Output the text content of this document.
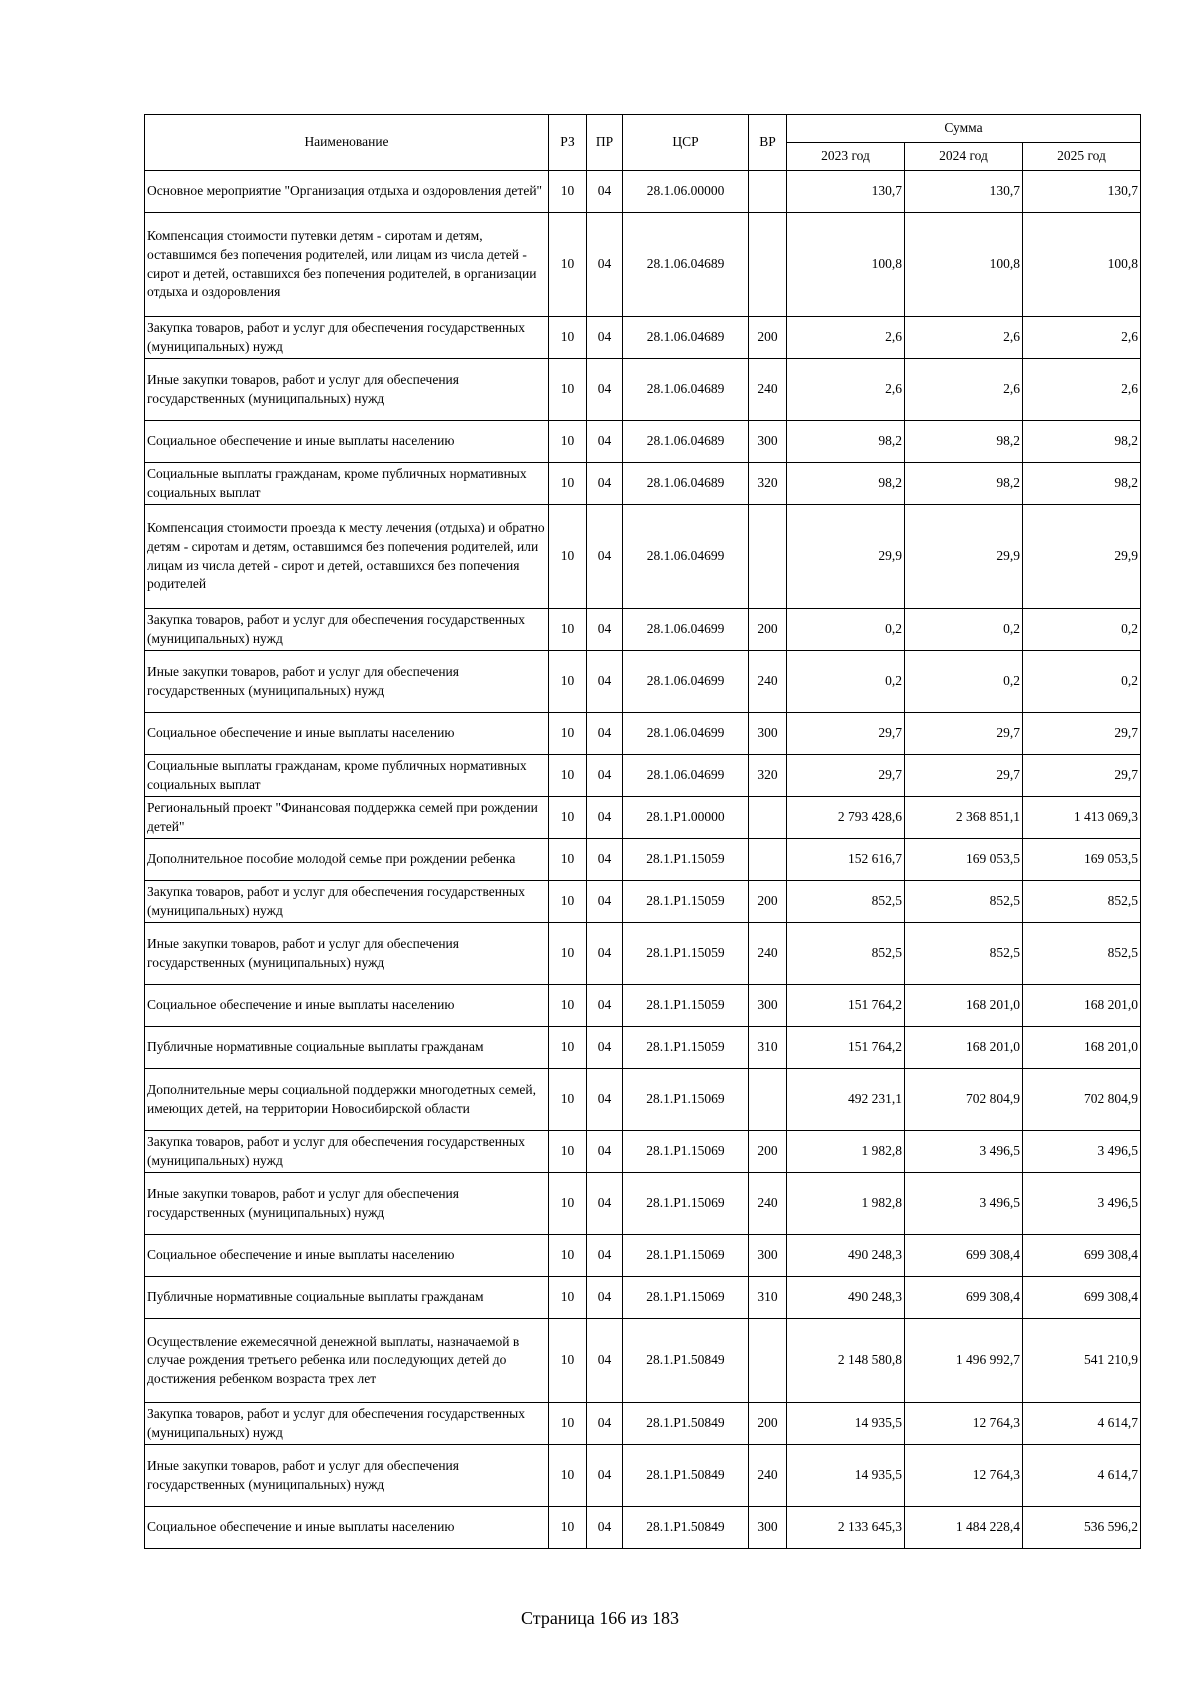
Наименование	РЗ	ПР	ЦСР	ВР	Сумма		
					2023 год	2024 год	2025 год
Основное мероприятие "Организация отдыха и оздоровления детей"	10	04	28.1.06.00000		130,7	130,7	130,7
Компенсация стоимости путевки детям - сиротам и детям, оставшимся без попечения родителей, или лицам из числа детей - сирот и детей, оставшихся без попечения родителей, в организации отдыха и оздоровления	10	04	28.1.06.04689		100,8	100,8	100,8
Закупка товаров, работ и услуг для обеспечения государственных (муниципальных) нужд	10	04	28.1.06.04689	200	2,6	2,6	2,6
Иные закупки товаров, работ и услуг для обеспечения государственных (муниципальных) нужд	10	04	28.1.06.04689	240	2,6	2,6	2,6
Социальное обеспечение и иные выплаты населению	10	04	28.1.06.04689	300	98,2	98,2	98,2
Социальные выплаты гражданам, кроме публичных нормативных социальных выплат	10	04	28.1.06.04689	320	98,2	98,2	98,2
Компенсация стоимости проезда к месту лечения (отдыха) и обратно детям - сиротам и детям, оставшимся без попечения родителей, или лицам из числа детей - сирот и детей, оставшихся без попечения родителей	10	04	28.1.06.04699		29,9	29,9	29,9
Закупка товаров, работ и услуг для обеспечения государственных (муниципальных) нужд	10	04	28.1.06.04699	200	0,2	0,2	0,2
Иные закупки товаров, работ и услуг для обеспечения государственных (муниципальных) нужд	10	04	28.1.06.04699	240	0,2	0,2	0,2
Социальное обеспечение и иные выплаты населению	10	04	28.1.06.04699	300	29,7	29,7	29,7
Социальные выплаты гражданам, кроме публичных нормативных социальных выплат	10	04	28.1.06.04699	320	29,7	29,7	29,7
Региональный проект "Финансовая поддержка семей при рождении детей"	10	04	28.1.P1.00000		2 793 428,6	2 368 851,1	1 413 069,3
Дополнительное пособие молодой семье при рождении ребенка	10	04	28.1.P1.15059		152 616,7	169 053,5	169 053,5
Закупка товаров, работ и услуг для обеспечения государственных (муниципальных) нужд	10	04	28.1.P1.15059	200	852,5	852,5	852,5
Иные закупки товаров, работ и услуг для обеспечения государственных (муниципальных) нужд	10	04	28.1.P1.15059	240	852,5	852,5	852,5
Социальное обеспечение и иные выплаты населению	10	04	28.1.P1.15059	300	151 764,2	168 201,0	168 201,0
Публичные нормативные социальные выплаты гражданам	10	04	28.1.P1.15059	310	151 764,2	168 201,0	168 201,0
Дополнительные меры социальной поддержки многодетных семей, имеющих детей, на территории Новосибирской области	10	04	28.1.P1.15069		492 231,1	702 804,9	702 804,9
Закупка товаров, работ и услуг для обеспечения государственных (муниципальных) нужд	10	04	28.1.P1.15069	200	1 982,8	3 496,5	3 496,5
Иные закупки товаров, работ и услуг для обеспечения государственных (муниципальных) нужд	10	04	28.1.P1.15069	240	1 982,8	3 496,5	3 496,5
Социальное обеспечение и иные выплаты населению	10	04	28.1.P1.15069	300	490 248,3	699 308,4	699 308,4
Публичные нормативные социальные выплаты гражданам	10	04	28.1.P1.15069	310	490 248,3	699 308,4	699 308,4
Осуществление ежемесячной денежной выплаты, назначаемой в случае рождения третьего ребенка или последующих детей до достижения ребенком возраста трех лет	10	04	28.1.P1.50849		2 148 580,8	1 496 992,7	541 210,9
Закупка товаров, работ и услуг для обеспечения государственных (муниципальных) нужд	10	04	28.1.P1.50849	200	14 935,5	12 764,3	4 614,7
Иные закупки товаров, работ и услуг для обеспечения государственных (муниципальных) нужд	10	04	28.1.P1.50849	240	14 935,5	12 764,3	4 614,7
Социальное обеспечение и иные выплаты населению	10	04	28.1.P1.50849	300	2 133 645,3	1 484 228,4	536 596,2
Страница 166 из 183
